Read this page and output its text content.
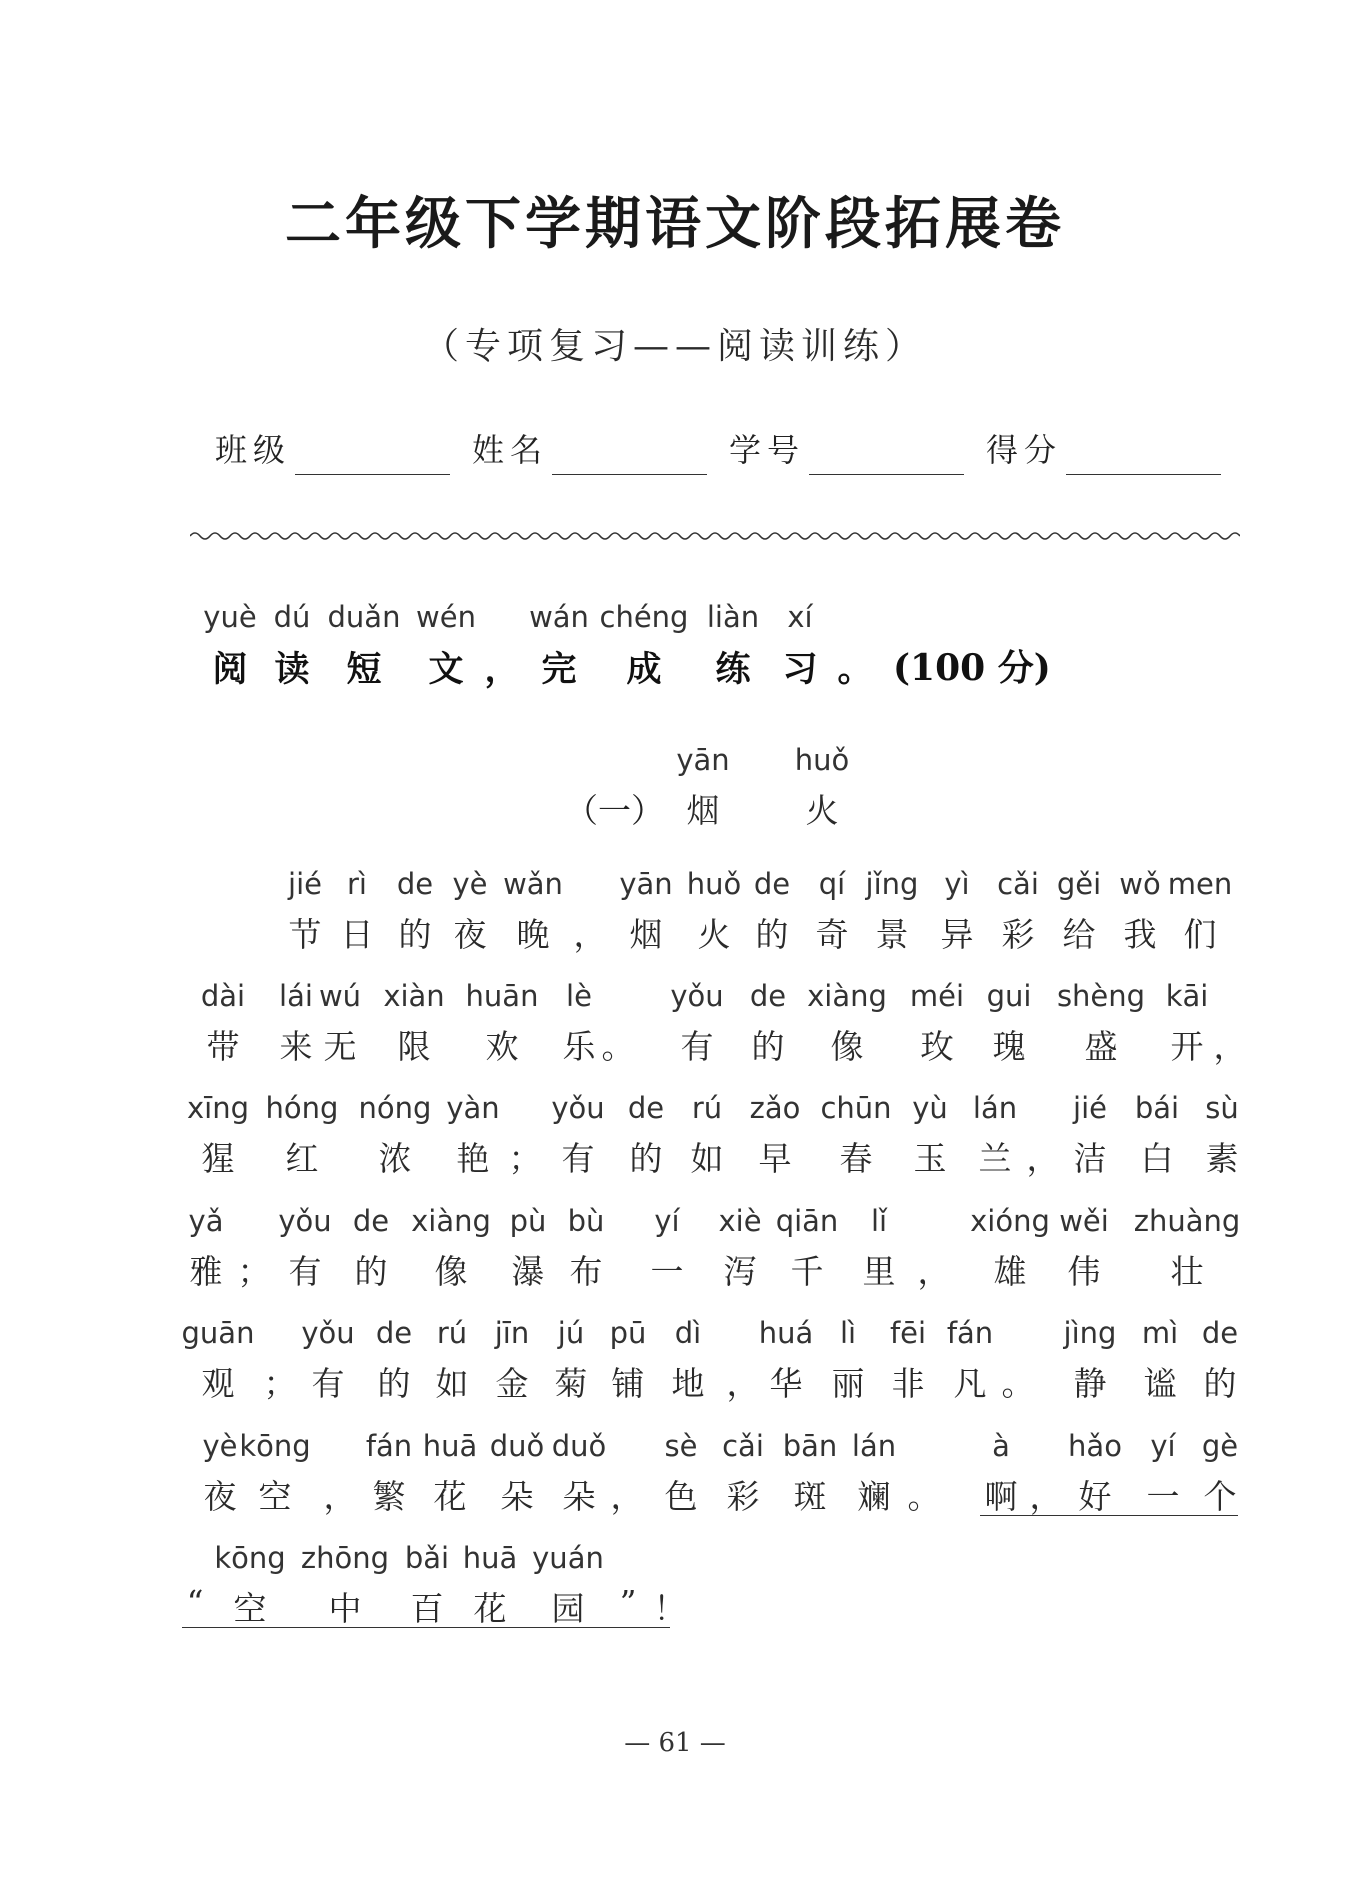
二年级下学期语文阶段拓展卷
（专项复习——阅读训练）
班级	姓名	学号	得分
yuè
阅
dú
读
duǎn
短
wén
文 ，
wán
完
chéng
成
liàn
练
xí
习 。 (100 分)
（一）
yān
烟
huǒ
火
jié
节
rì
日
de
的
yè
夜
wǎn
晚 ，
yān
烟
huǒ
火
de
的
qí
奇
jǐng
景
yì
异
cǎi
彩
gěi
给
wǒ
我
men
们
dài
带
lái
来
wú
无
xiàn
限
huān
欢
lè
乐 。
yǒu
有
de
的
xiàng
像
méi
玫
gui
瑰
shèng
盛
kāi
开 ，
xīng
猩
hóng
红
nóng
浓
yàn
艳 ；
yǒu
有
de
的
rú
如
zǎo
早
chūn
春
yù
玉
lán
兰 ，
jié
洁
bái
白
sù
素
yǎ
雅 ；
yǒu
有
de
的
xiàng
像
pù
瀑
bù
布
yí
一
xiè
泻
qiān
千
lǐ
里 ，
xióng
雄
wěi
伟
zhuàng
壮
guān
观 ；
yǒu
有
de
的
rú
如
jīn
金
jú
菊
pū
铺
dì
地 ，
huá
华
lì
丽
fēi
非
fán
凡 。
jìng
静
mì
谧
de
的
yè
夜
kōng
空 ，
fán
繁
huā
花
duǒ
朵
duǒ
朵 ，
sè
色
cǎi
彩
bān
斑
lán
斓 。
à
啊 ，
hǎo
好
yí
一
gè
个
“
kōng
空
zhōng
中
bǎi
百
huā
花
yuán
园 ” ！
— 61 —
